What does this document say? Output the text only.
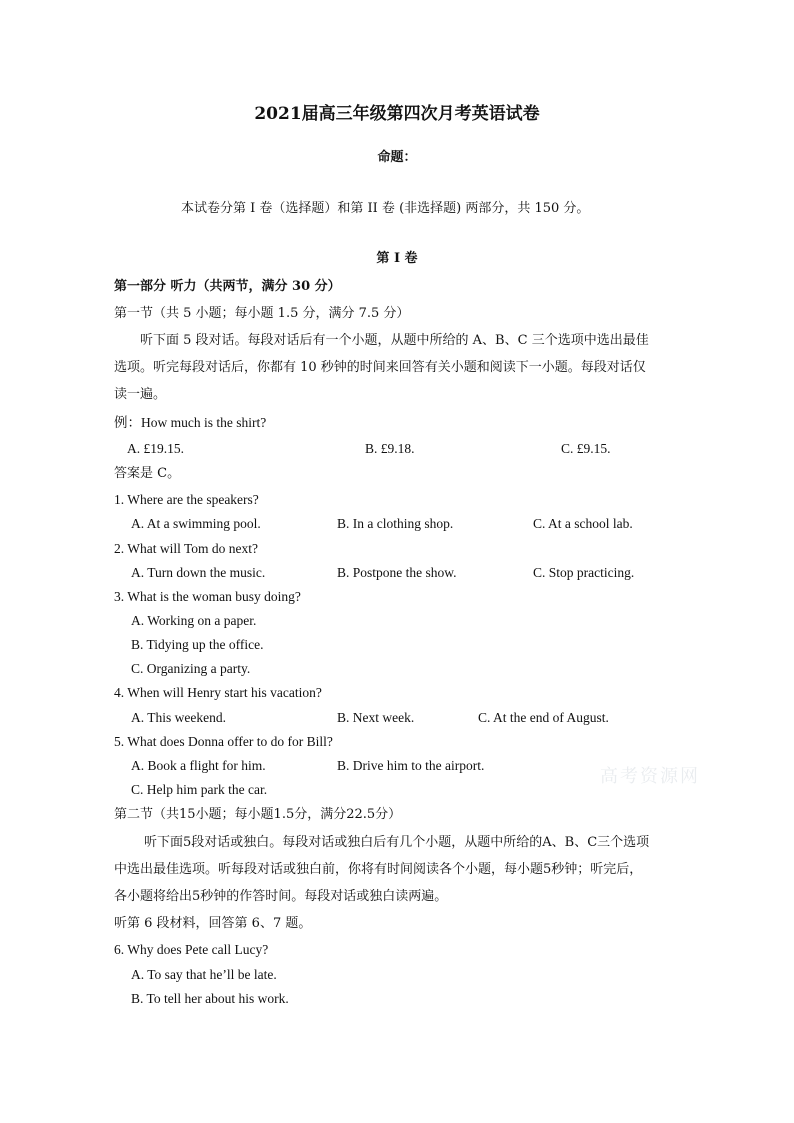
2021届高三年级第四次月考英语试卷
命题：
本试卷分第 I 卷（选择题）和第 II 卷 (非选择题) 两部分，共 150 分。
第 I 卷
第一部分 听力（共两节，满分 30 分）
第一节（共 5 小题；每小题 1.5 分，满分 7.5 分）
听下面 5 段对话。每段对话后有一个小题，从题中所给的 A、B、C 三个选项中选出最佳
选项。听完每段对话后，你都有 10 秒钟的时间来回答有关小题和阅读下一小题。每段对话仅
读一遍。
例：How much is the shirt?
A. £19.15.	B. £9.18.	C. £9.15.
答案是 C。
1. Where are the speakers?
A. At a swimming pool.	B. In a clothing shop.	C. At a school lab.
2. What will Tom do next?
A. Turn down the music.	B. Postpone the show.	C. Stop practicing.
3. What is the woman busy doing?
A. Working on a paper.
B. Tidying up the office.
C. Organizing a party.
4. When will Henry start his vacation?
A. This weekend.	B. Next week.	C. At the end of August.
5. What does Donna offer to do for Bill?
A. Book a flight for him.	B. Drive him to the airport.
C. Help him park the car.
高考资源网
第二节（共15小题；每小题1.5分，满分22.5分）
听下面5段对话或独白。每段对话或独白后有几个小题，从题中所给的A、B、C三个选项
中选出最佳选项。听每段对话或独白前，你将有时间阅读各个小题，每小题5秒钟；听完后，
各小题将给出5秒钟的作答时间。每段对话或独白读两遍。
听第 6 段材料，回答第 6、7 题。
6. Why does Pete call Lucy?
A. To say that he’ll be late.
B. To tell her about his work.
